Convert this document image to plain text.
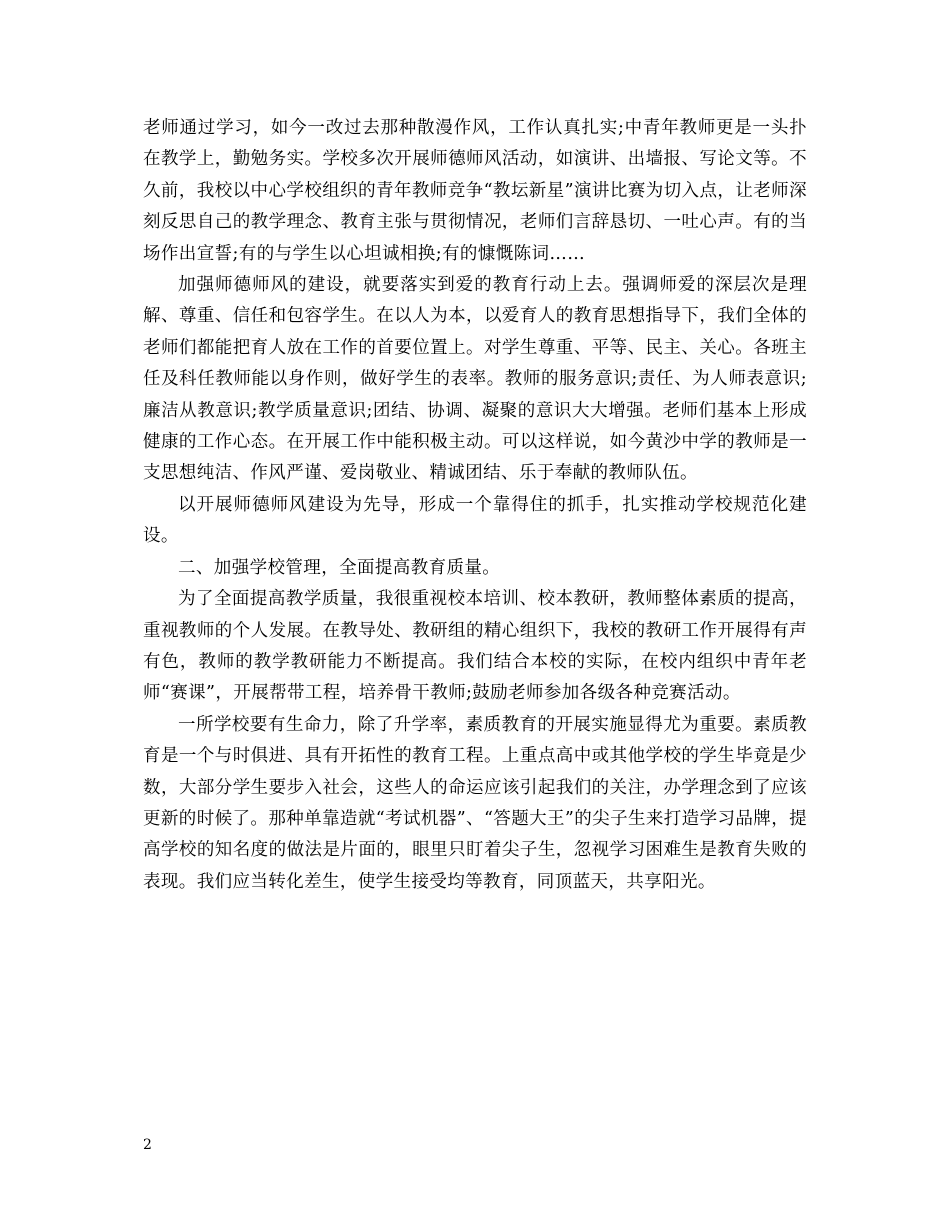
老师通过学习，如今一改过去那种散漫作风，工作认真扎实;中青年教师更是一头扑在教学上，勤勉务实。学校多次开展师德师风活动，如演讲、出墙报、写论文等。不久前，我校以中心学校组织的青年教师竞争“教坛新星”演讲比赛为切入点，让老师深刻反思自己的教学理念、教育主张与贯彻情况，老师们言辞恳切、一吐心声。有的当场作出宣誓;有的与学生以心坦诚相换;有的慷慨陈词……

加强师德师风的建设，就要落实到爱的教育行动上去。强调师爱的深层次是理解、尊重、信任和包容学生。在以人为本，以爱育人的教育思想指导下，我们全体的老师们都能把育人放在工作的首要位置上。对学生尊重、平等、民主、关心。各班主任及科任教师能以身作则，做好学生的表率。教师的服务意识;责任、为人师表意识;廉洁从教意识;教学质量意识;团结、协调、凝聚的意识大大增强。老师们基本上形成健康的工作心态。在开展工作中能积极主动。可以这样说，如今黄沙中学的教师是一支思想纯洁、作风严谨、爱岗敬业、精诚团结、乐于奉献的教师队伍。

以开展师德师风建设为先导，形成一个靠得住的抓手，扎实推动学校规范化建设。

二、加强学校管理，全面提高教育质量。

为了全面提高教学质量，我很重视校本培训、校本教研，教师整体素质的提高，重视教师的个人发展。在教导处、教研组的精心组织下，我校的教研工作开展得有声有色，教师的教学教研能力不断提高。我们结合本校的实际，在校内组织中青年老师“赛课”，开展帮带工程，培养骨干教师;鼓励老师参加各级各种竞赛活动。

一所学校要有生命力，除了升学率，素质教育的开展实施显得尤为重要。素质教育是一个与时俱进、具有开拓性的教育工程。上重点高中或其他学校的学生毕竟是少数，大部分学生要步入社会，这些人的命运应该引起我们的关注，办学理念到了应该更新的时候了。那种单靠造就“考试机器”、“答题大王”的尖子生来打造学习品牌，提高学校的知名度的做法是片面的，眼里只盯着尖子生，忽视学习困难生是教育失败的表现。我们应当转化差生，使学生接受均等教育，同顶蓝天，共享阳光。

2
